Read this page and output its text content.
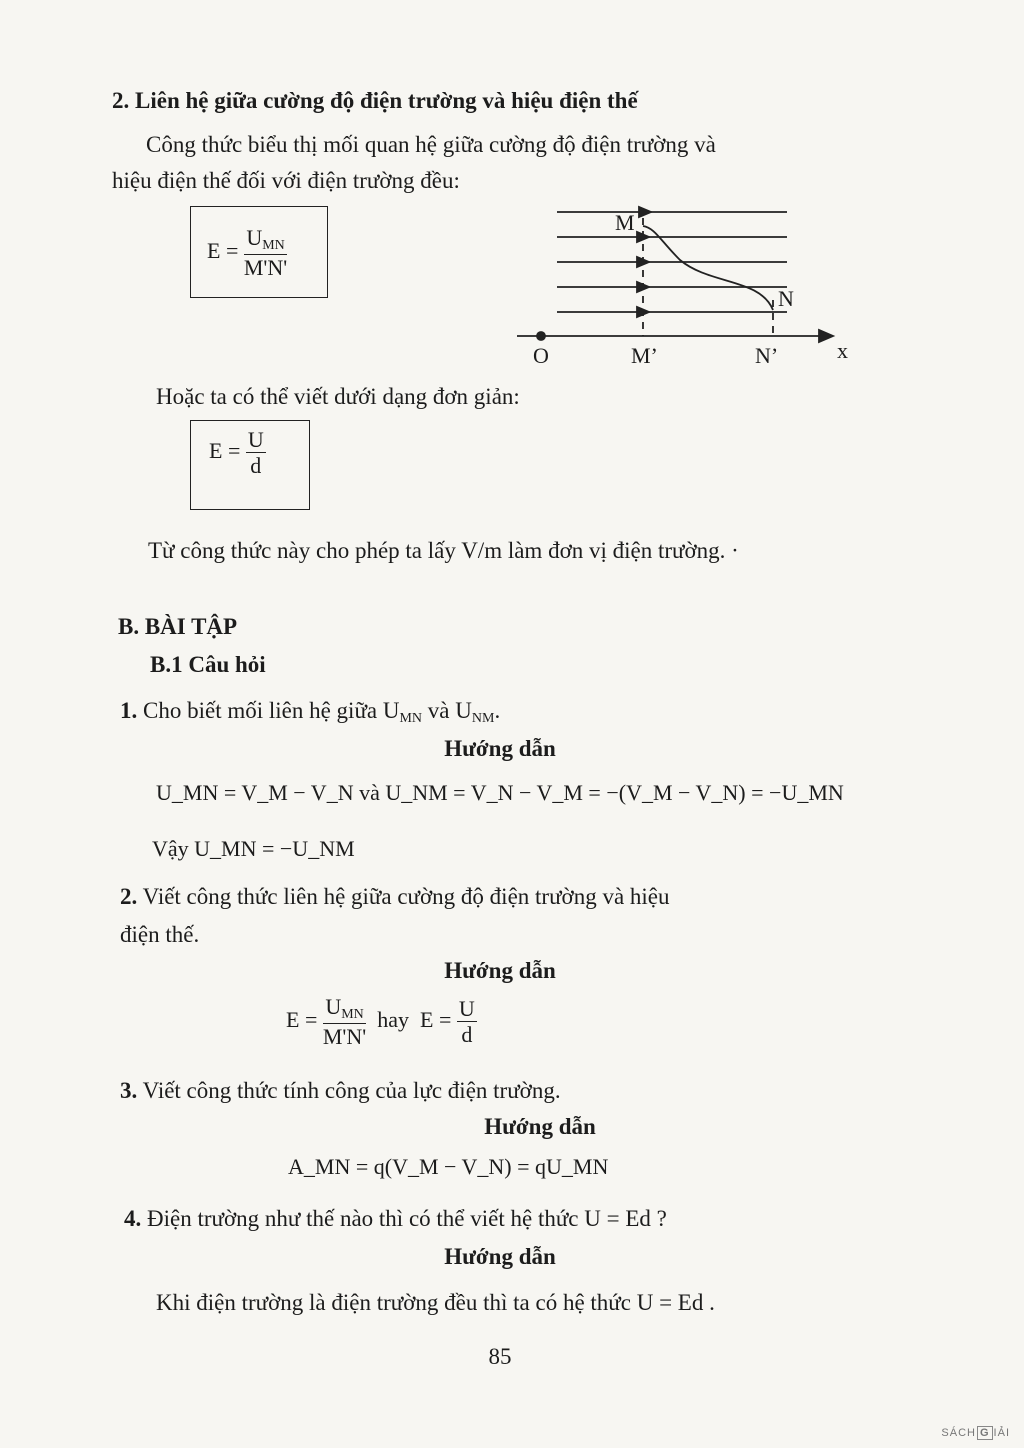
2. Liên hệ giữa cường độ điện trường và hiệu điện thế
Công thức biểu thị mối quan hệ giữa cường độ điện trường và
hiệu điện thế đối với điện trường đều:
$E = \frac{U_{MN}}{M'N'}$
M
N
O	M’	N’	x
Hoặc ta có thể viết dưới dạng đơn giản:
$E = \frac{U}{d}$
Từ công thức này cho phép ta lấy V/m làm đơn vị điện trường. ·
B. BÀI TẬP
B.1 Câu hỏi
1. Cho biết mối liên hệ giữa $U_{MN}$ và $U_{NM}$.
Hướng dẫn
U_MN = V_M − V_N và U_NM = V_N − V_M = −(V_M − V_N) = −U_MN
Vậy U_MN = −U_NM
2. Viết công thức liên hệ giữa cường độ điện trường và hiệu
điện thế.
Hướng dẫn
$E = \frac{U_{MN}}{M'N'}$ hay $E = \frac{U}{d}$
3. Viết công thức tính công của lực điện trường.
Hướng dẫn
A_MN = q(V_M − V_N) = qU_MN
4. Điện trường như thế nào thì có thể viết hệ thức U = Ed ?
Hướng dẫn
Khi điện trường là điện trường đều thì ta có hệ thức U = Ed .
85
SÁCH G IẢI
